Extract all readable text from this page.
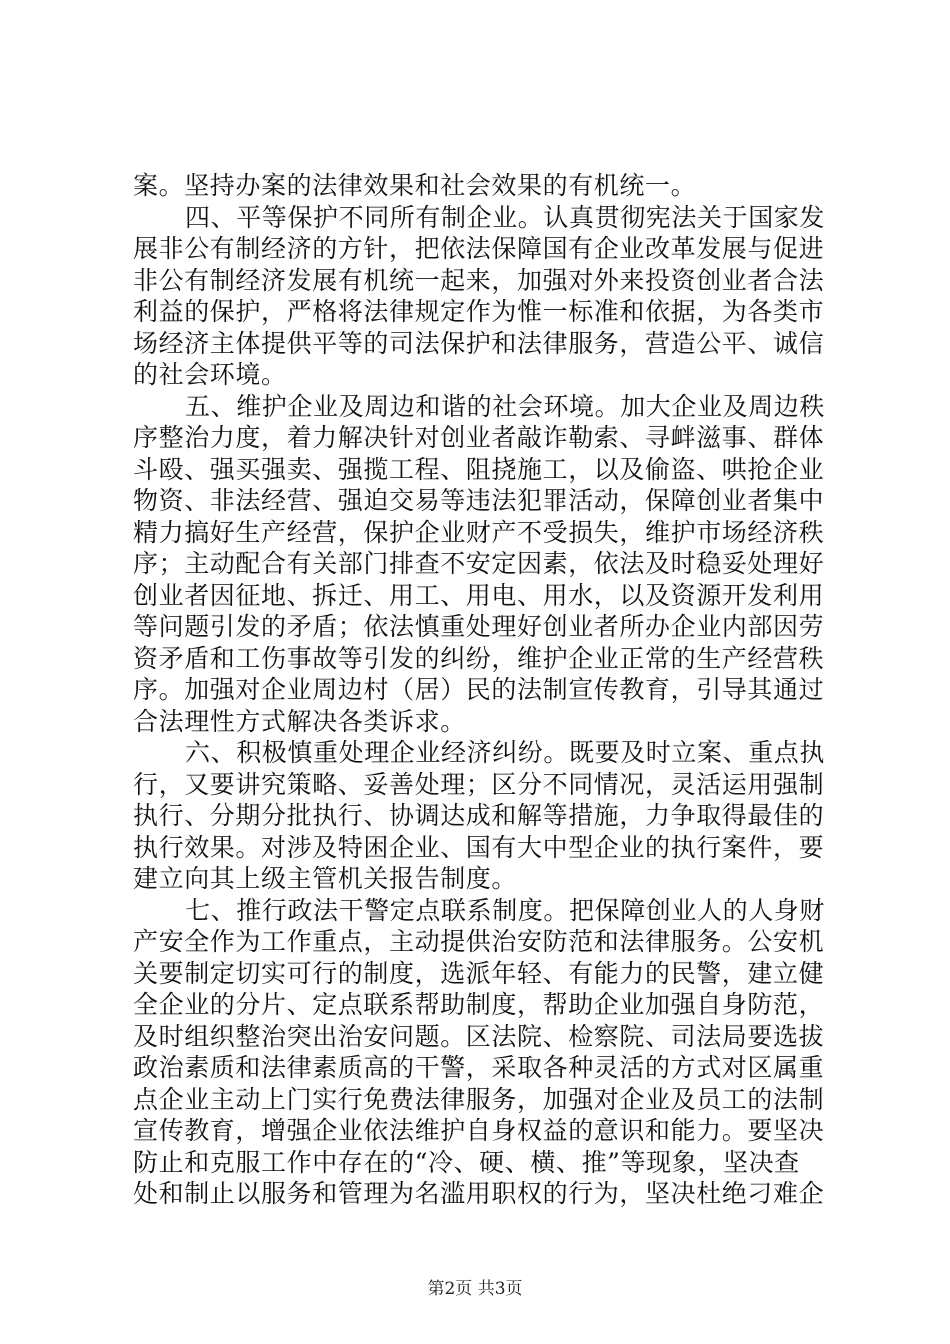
案。坚持办案的法律效果和社会效果的有机统一。
四、平等保护不同所有制企业。认真贯彻宪法关于国家发
展非公有制经济的方针，把依法保障国有企业改革发展与促进
非公有制经济发展有机统一起来，加强对外来投资创业者合法
利益的保护，严格将法律规定作为惟一标准和依据，为各类市
场经济主体提供平等的司法保护和法律服务，营造公平、诚信
的社会环境。
五、维护企业及周边和谐的社会环境。加大企业及周边秩
序整治力度，着力解决针对创业者敲诈勒索、寻衅滋事、群体
斗殴、强买强卖、强揽工程、阻挠施工，以及偷盗、哄抢企业
物资、非法经营、强迫交易等违法犯罪活动，保障创业者集中
精力搞好生产经营，保护企业财产不受损失，维护市场经济秩
序；主动配合有关部门排查不安定因素，依法及时稳妥处理好
创业者因征地、拆迁、用工、用电、用水，以及资源开发利用
等问题引发的矛盾；依法慎重处理好创业者所办企业内部因劳
资矛盾和工伤事故等引发的纠纷，维护企业正常的生产经营秩
序。加强对企业周边村（居）民的法制宣传教育，引导其通过
合法理性方式解决各类诉求。
六、积极慎重处理企业经济纠纷。既要及时立案、重点执
行，又要讲究策略、妥善处理；区分不同情况，灵活运用强制
执行、分期分批执行、协调达成和解等措施，力争取得最佳的
执行效果。对涉及特困企业、国有大中型企业的执行案件，要
建立向其上级主管机关报告制度。
七、推行政法干警定点联系制度。把保障创业人的人身财
产安全作为工作重点，主动提供治安防范和法律服务。公安机
关要制定切实可行的制度，选派年轻、有能力的民警，建立健
全企业的分片、定点联系帮助制度，帮助企业加强自身防范，
及时组织整治突出治安问题。区法院、检察院、司法局要选拔
政治素质和法律素质高的干警，采取各种灵活的方式对区属重
点企业主动上门实行免费法律服务，加强对企业及员工的法制
宣传教育，增强企业依法维护自身权益的意识和能力。要坚决
防止和克服工作中存在的“冷、硬、横、推”等现象，坚决查
处和制止以服务和管理为名滥用职权的行为，坚决杜绝刁难企
第2页 共3页
